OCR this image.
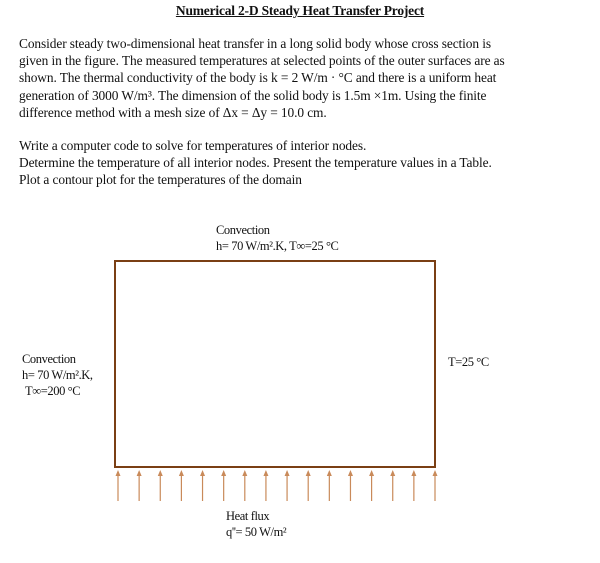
Numerical 2-D Steady Heat Transfer Project
Consider steady two-dimensional heat transfer in a long solid body whose cross section is
given in the figure. The measured temperatures at selected points of the outer surfaces are as
shown. The thermal conductivity of the body is k = 2 W/m · °C and there is a uniform heat
generation of 3000 W/m³. The dimension of the solid body is 1.5m ×1m. Using the finite
difference method with a mesh size of Δx = Δy = 10.0 cm.
Write a computer code to solve for temperatures of interior nodes.
Determine the temperature of all interior nodes. Present the temperature values in a Table.
Plot a contour plot for the temperatures of the domain
Convection
h= 70 W/m².K, T∞=25 °C
Convection
h= 70 W/m².K,
T∞=200 °C
T=25 °C
Heat flux
q''= 50 W/m²
